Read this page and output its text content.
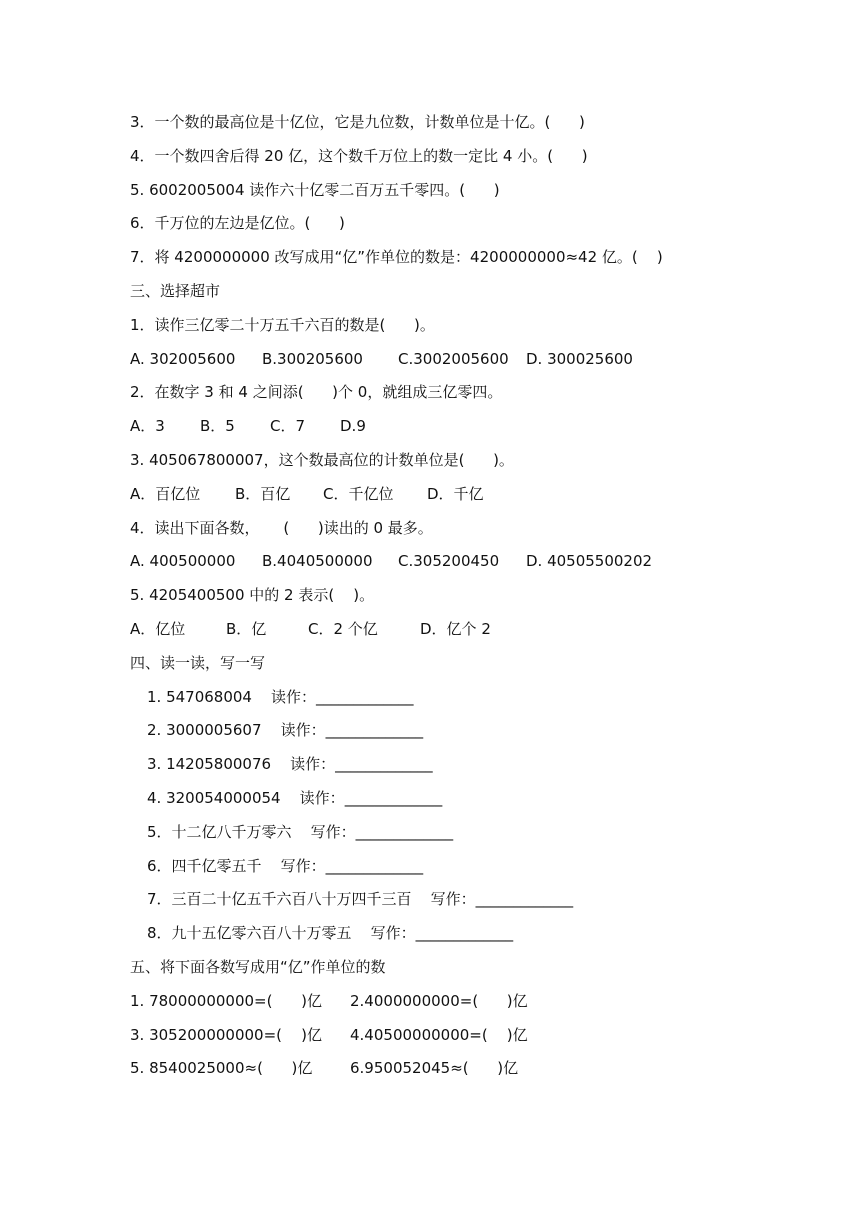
3．一个数的最高位是十亿位，它是九位数，计数单位是十亿。(      )
4．一个数四舍后得 20 亿，这个数千万位上的数一定比 4 小。(      )
5. 6002005004 读作六十亿零二百万五千零四。(      )
6．千万位的左边是亿位。(      )
7．将 4200000000 改写成用“亿”作单位的数是：4200000000≈42 亿。(    )
三、选择超市
1．读作三亿零二十万五千六百的数是(      )。
A. 302005600	B.300205600	C.3002005600	D. 300025600
2．在数字 3 和 4 之间添(      )个 0，就组成三亿零四。
A．3	B．5	C．7	D.9
3. 405067800007，这个数最高位的计数单位是(      )。
A．百亿位	B．百亿	C．千亿位	D．千亿
4．读出下面各数，     (      )读出的 0 最多。
A. 400500000	B.4040500000	C.305200450	D. 40505500202
5. 4205400500 中的 2 表示(    )。
A．亿位	B．亿	C．2 个亿	D．亿个 2
四、读一读，写一写
1. 547068004    读作： _____________
2. 3000005607    读作： _____________
3. 14205800076    读作： _____________
4. 320054000054    读作： _____________
5．十二亿八千万零六    写作： _____________
6．四千亿零五千    写作： _____________
7．三百二十亿五千六百八十万四千三百    写作： _____________
8．九十五亿零六百八十万零五    写作： _____________
五、将下面各数写成用“亿”作单位的数
1. 78000000000=(      )亿	2.4000000000=(      )亿
3. 305200000000=(    )亿	4.40500000000=(    )亿
5. 8540025000≈(      )亿	6.950052045≈(      )亿
